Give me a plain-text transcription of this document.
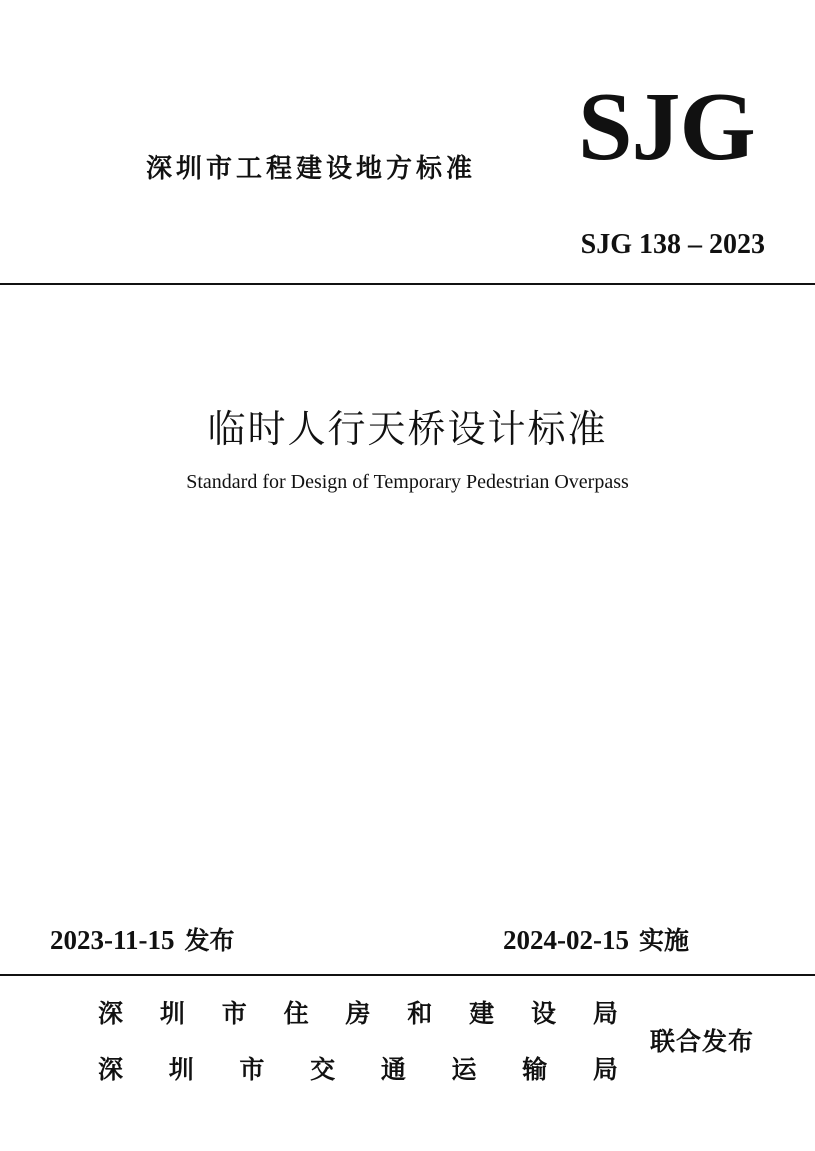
深圳市工程建设地方标准 SJG
SJG 138 – 2023
临时人行天桥设计标准
Standard for Design of Temporary Pedestrian Overpass
2023-11-15 发布	2024-02-15 实施
深 圳 市 住 房 和 建 设 局
深 圳 市 交 通 运 输 局
联合发布
